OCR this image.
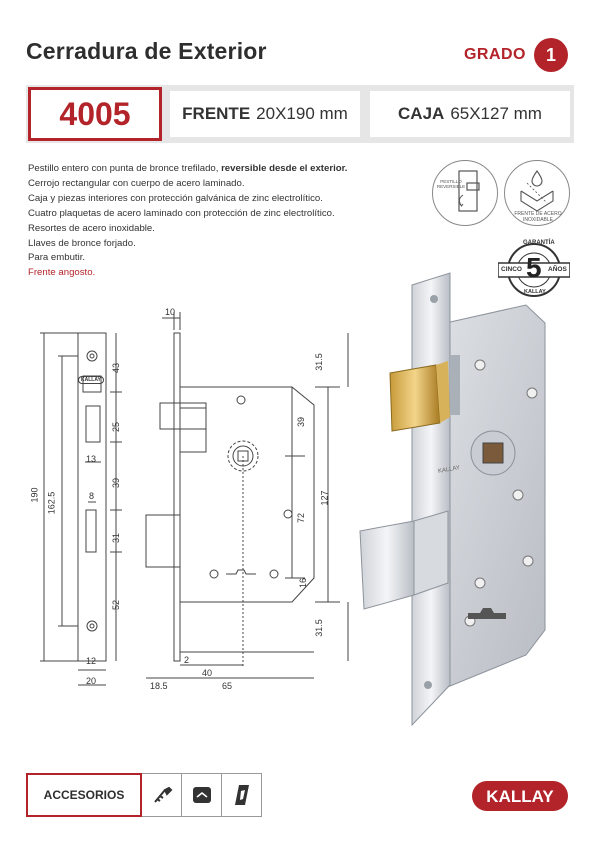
Cerradura de Exterior	GRADO	1
4005	FRENTE 20X190 mm	CAJA 65X127 mm
Pestillo entero con punta de bronce trefilado, reversible desde el exterior.
Cerrojo rectangular con cuerpo de acero laminado.
Caja y piezas interiores con protección galvánica de zinc electrolítico.
Cuatro plaquetas de acero laminado con protección de zinc electrolítico.
Resortes de acero inoxidable.
Llaves de bronce forjado.
Para embutir.
Frente angosto.
PESTILLO REVERSIBLE
FRENTE DE ACERO INOXIDABLE
GARANTÍA
CINCO 5 AÑOS
KALLAY
10
43
25
13
39
8
31
52
190 162.5
12
20
31.5
39
72
127
16
31.5
2
40
18.5	65
KALLAY
KALLAY
ACCESORIOS	KALLAY
